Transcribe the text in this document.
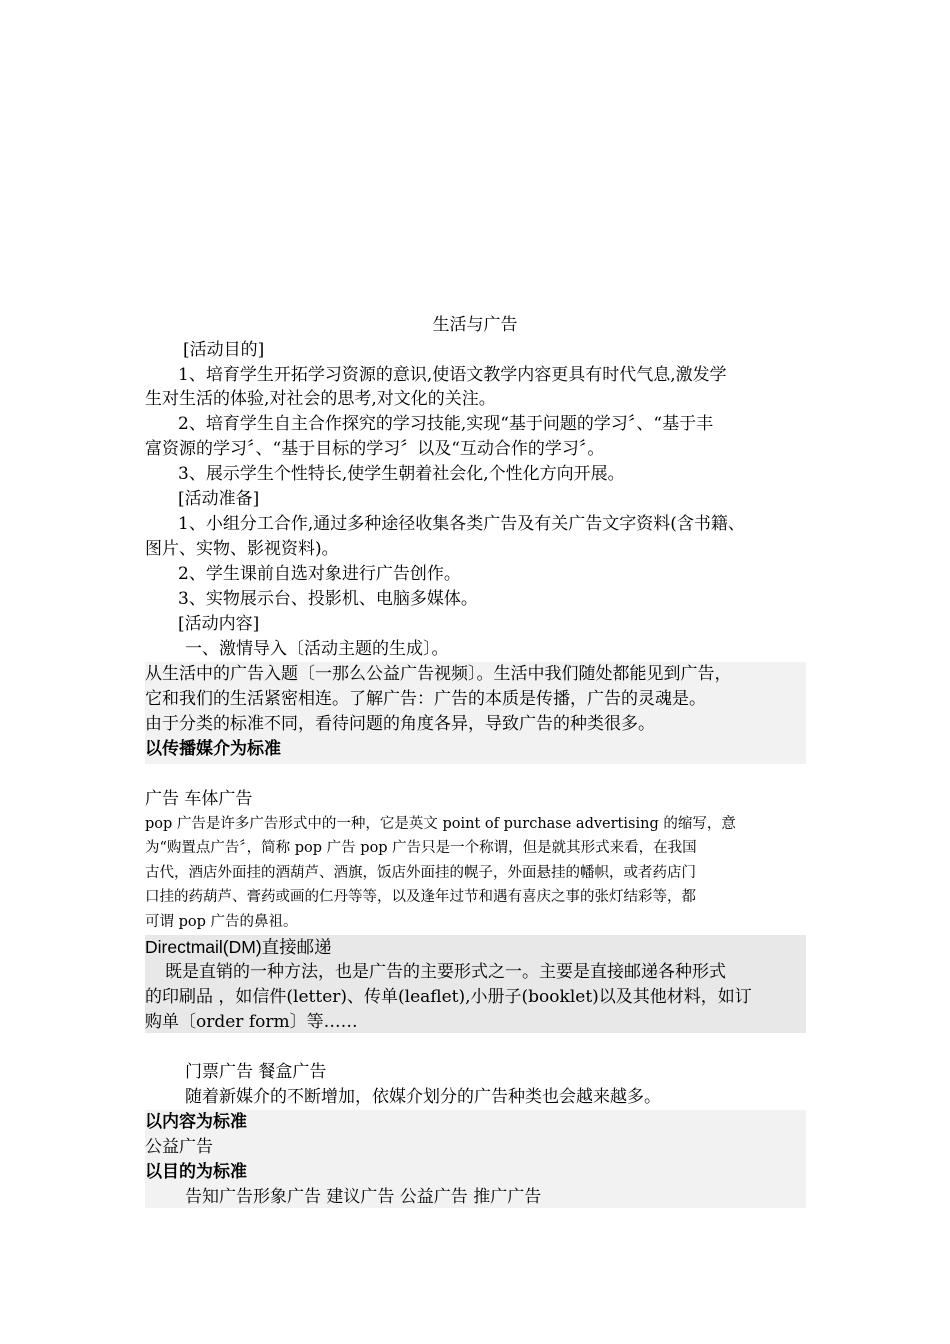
生活与广告
[活动目的]
1、培育学生开拓学习资源的意识,使语文教学内容更具有时代气息,激发学
生对生活的体验,对社会的思考,对文化的关注。
2、培育学生自主合作探究的学习技能,实现“基于问题的学习〞、“基于丰
富资源的学习〞、“基于目标的学习〞以及“互动合作的学习〞。
3、展示学生个性特长,使学生朝着社会化,个性化方向开展。
[活动准备]
1、小组分工合作,通过多种途径收集各类广告及有关广告文字资料(含书籍、
图片、实物、影视资料)。
2、学生课前自选对象进行广告创作。
3、实物展示台、投影机、电脑多媒体。
[活动内容]
一、激情导入〔活动主题的生成〕。
从生活中的广告入题〔一那么公益广告视频〕。生活中我们随处都能见到广告，
它和我们的生活紧密相连。了解广告：广告的本质是传播，广告的灵魂是。
由于分类的标准不同，看待问题的角度各异，导致广告的种类很多。
以传播媒介为标准
广告 车体广告
pop 广告是许多广告形式中的一种，它是英文 point of purchase advertising 的缩写，意
为“购置点广告〞，简称 pop 广告 pop 广告只是一个称谓，但是就其形式来看，在我国
古代，酒店外面挂的酒葫芦、酒旗，饭店外面挂的幌子，外面悬挂的幡帜，或者药店门
口挂的药葫芦、膏药或画的仁丹等等，以及逢年过节和遇有喜庆之事的张灯结彩等，都
可谓 pop 广告的鼻祖。
Directmail(DM)直接邮递
既是直销的一种方法，也是广告的主要形式之一。主要是直接邮递各种形式
的印刷品 ，如信件(letter)、传单(leaflet),小册子(booklet)以及其他材料，如订
购单〔order form〕等……
门票广告 餐盒广告
随着新媒介的不断增加，依媒介划分的广告种类也会越来越多。
以内容为标准
公益广告
以目的为标准
告知广告形象广告 建议广告 公益广告 推广广告
